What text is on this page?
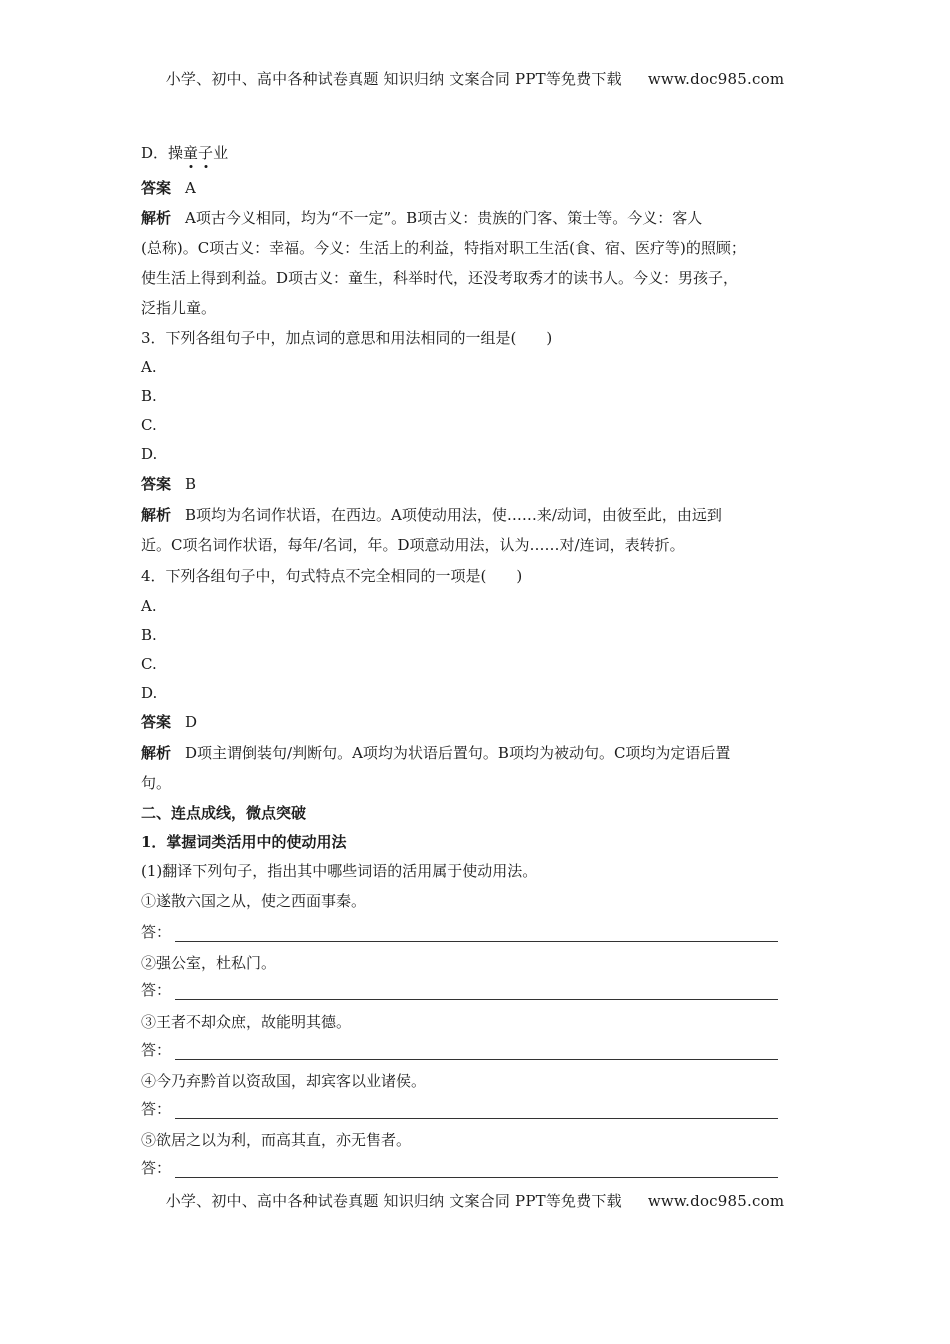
小学、初中、高中各种试卷真题 知识归纳 文案合同 PPT等免费下载 www.doc985.com
D．操童子业
答案 A
解析 A项古今义相同，均为“不一定”。B项古义：贵族的门客、策士等。今义：客人
(总称)。C项古义：幸福。今义：生活上的利益，特指对职工生活(食、宿、医疗等)的照顾；
使生活上得到利益。D项古义：童生，科举时代，还没考取秀才的读书人。今义：男孩子，
泛指儿童。
3．下列各组句子中，加点词的意思和用法相同的一组是(　　)
A.
B.
C.
D.
答案 B
解析 B项均为名词作状语，在西边。A项使动用法，使……来/动词，由彼至此，由远到
近。C项名词作状语，每年/名词，年。D项意动用法，认为……对/连词，表转折。
4．下列各组句子中，句式特点不完全相同的一项是(　　)
A.
B.
C.
D.
答案 D
解析 D项主谓倒装句/判断句。A项均为状语后置句。B项均为被动句。C项均为定语后置
句。
二、连点成线，微点突破
1．掌握词类活用中的使动用法
(1)翻译下列句子，指出其中哪些词语的活用属于使动用法。
①遂散六国之从，使之西面事秦。
答：
②强公室，杜私门。
答：
③王者不却众庶，故能明其德。
答：
④今乃弃黔首以资敌国，却宾客以业诸侯。
答：
⑤欲居之以为利，而高其直，亦无售者。
答：
小学、初中、高中各种试卷真题 知识归纳 文案合同 PPT等免费下载 www.doc985.com
